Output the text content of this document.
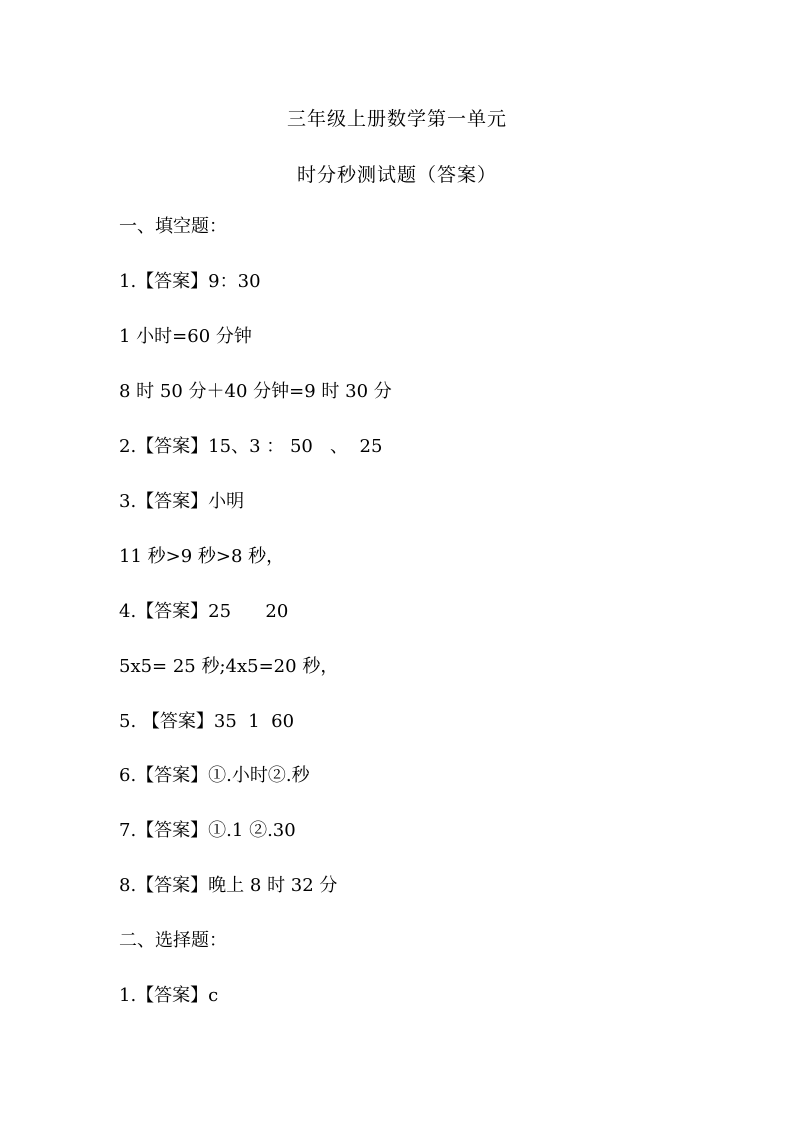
三年级上册数学第一单元
时分秒测试题（答案）
一、填空题：
1.【答案】9：30
1 小时=60 分钟
8 时 50 分＋40 分钟=9 时 30 分
2.【答案】15、3 ： 50   、  25
3.【答案】小明
11 秒>9 秒>8 秒，
4.【答案】25      20
5x5= 25 秒;4x5=20 秒，
5. 【答案】35  1  60
6.【答案】①.小时②.秒
7.【答案】①.1 ②.30
8.【答案】晚上 8 时 32 分
二、选择题：
1.【答案】c
